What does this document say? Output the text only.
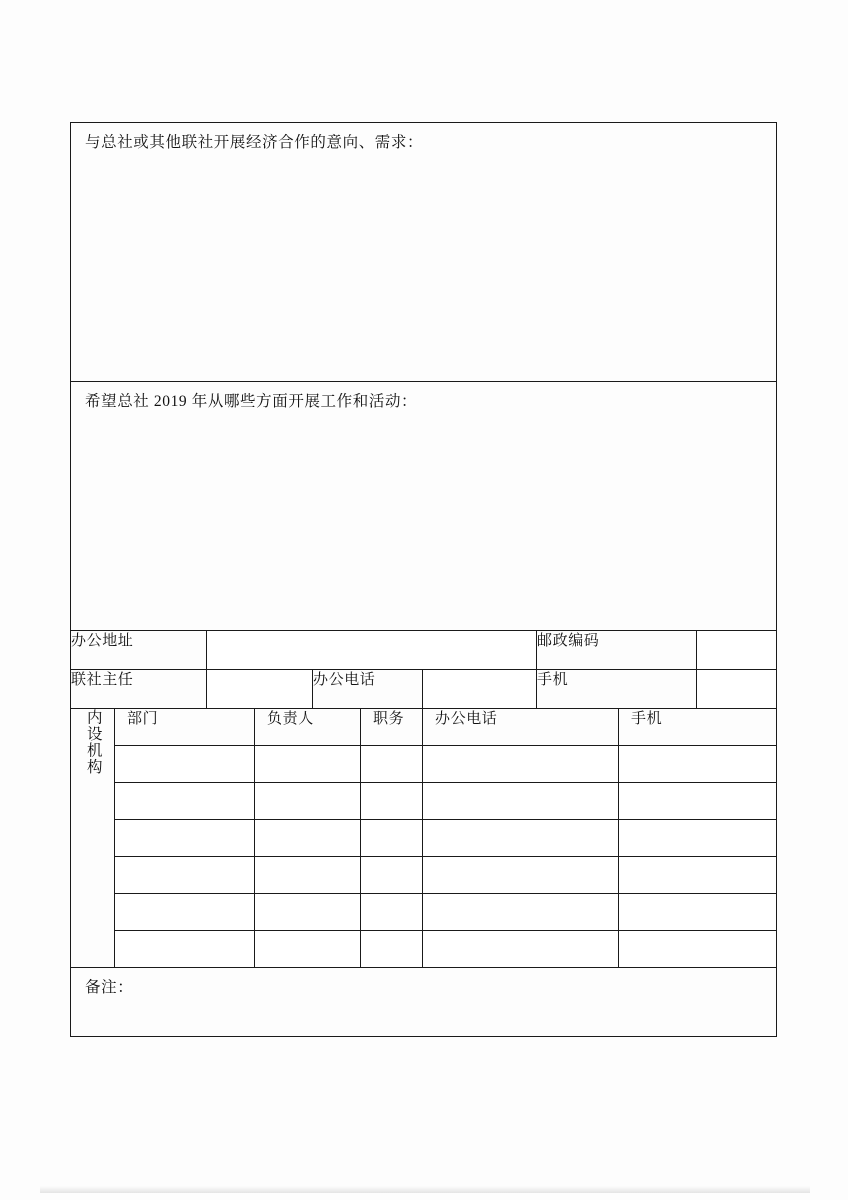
与总社或其他联社开展经济合作的意向、需求：									

希望总社 2019 年从哪些方面开展工作和活动：									

办公地址							邮政编码		
联社主任				办公电话			手机		
内设机构	部门		负责人		职务	办公电话		手机	

备注：									
